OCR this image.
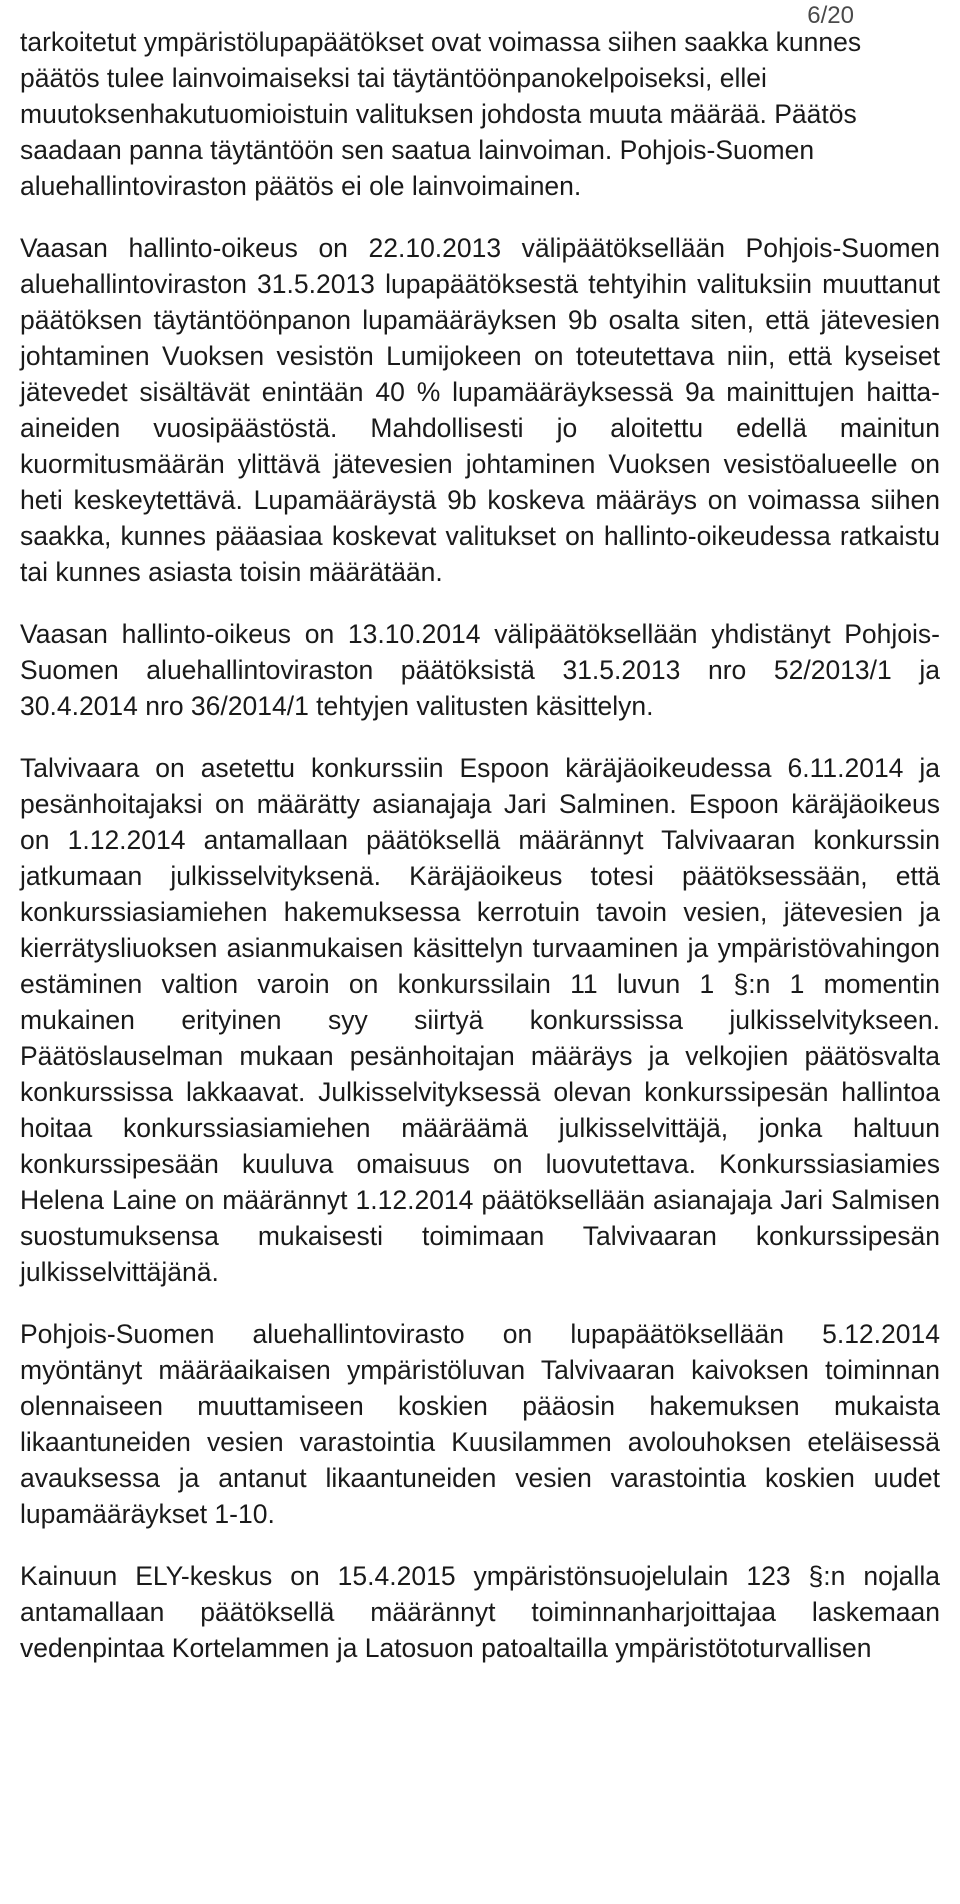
6/20

tarkoitetut ympäristölupapäätökset ovat voimassa siihen saakka kunnes päätös tulee lainvoimaiseksi tai täytäntöönpanokelpoiseksi, ellei muutoksenhakutuomioistuin valituksen johdosta muuta määrää. Päätös saadaan panna täytäntöön sen saatua lainvoiman. Pohjois-Suomen aluehallintoviraston päätös ei ole lainvoimainen.

Vaasan hallinto-oikeus on 22.10.2013 välipäätöksellään Pohjois-Suomen aluehallintoviraston 31.5.2013 lupapäätöksestä tehtyihin valituksiin muuttanut päätöksen täytäntöönpanon lupamääräyksen 9b osalta siten, että jätevesien johtaminen Vuoksen vesistön Lumijokeen on toteutettava niin, että kyseiset jätevedet sisältävät enintään 40 % lupamääräyksessä 9a mainittujen haitta-aineiden vuosipäästöstä. Mahdollisesti jo aloitettu edellä mainitun kuormitusmäärän ylittävä jätevesien johtaminen Vuoksen vesistöalueelle on heti keskeytettävä. Lupamääräystä 9b koskeva määräys on voimassa siihen saakka, kunnes pääasiaa koskevat valitukset on hallinto-oikeudessa ratkaistu tai kunnes asiasta toisin määrätään.

Vaasan hallinto-oikeus on 13.10.2014 välipäätöksellään yhdistänyt Pohjois-Suomen aluehallintoviraston päätöksistä 31.5.2013 nro 52/2013/1 ja 30.4.2014 nro 36/2014/1 tehtyjen valitusten käsittelyn.

Talvivaara on asetettu konkurssiin Espoon käräjäoikeudessa 6.11.2014 ja pesänhoitajaksi on määrätty asianajaja Jari Salminen. Espoon käräjäoikeus on 1.12.2014 antamallaan päätöksellä määrännyt Talvivaaran konkurssin jatkumaan julkisselvityksenä. Käräjäoikeus totesi päätöksessään, että konkurssiasiamiehen hakemuksessa kerrotuin tavoin vesien, jätevesien ja kierrätysliuoksen asianmukaisen käsittelyn turvaaminen ja ympäristövahingon estäminen valtion varoin on konkurssilain 11 luvun 1 §:n 1 momentin mukainen erityinen syy siirtyä konkurssissa julkisselvitykseen. Päätöslauselman mukaan pesänhoitajan määräys ja velkojien päätösvalta konkurssissa lakkaavat. Julkisselvityksessä olevan konkurssipesän hallintoa hoitaa konkurssiasiamiehen määräämä julkisselvittäjä, jonka haltuun konkurssipesään kuuluva omaisuus on luovutettava. Konkurssiasiamies Helena Laine on määrännyt 1.12.2014 päätöksellään asianajaja Jari Salmisen suostumuksensa mukaisesti toimimaan Talvivaaran konkurssipesän julkisselvittäjänä.

Pohjois-Suomen aluehallintovirasto on lupapäätöksellään 5.12.2014 myöntänyt määräaikaisen ympäristöluvan Talvivaaran kaivoksen toiminnan olennaiseen muuttamiseen koskien pääosin hakemuksen mukaista likaantuneiden vesien varastointia Kuusilammen avolouhoksen eteläisessä avauksessa ja antanut likaantuneiden vesien varastointia koskien uudet lupamääräykset 1-10.

Kainuun ELY-keskus on 15.4.2015 ympäristönsuojelulain 123 §:n nojalla antamallaan päätöksellä määrännyt toiminnanharjoittajaa laskemaan vedenpintaa Kortelammen ja Latosuon patoaltailla ympäristötoturvallisen
